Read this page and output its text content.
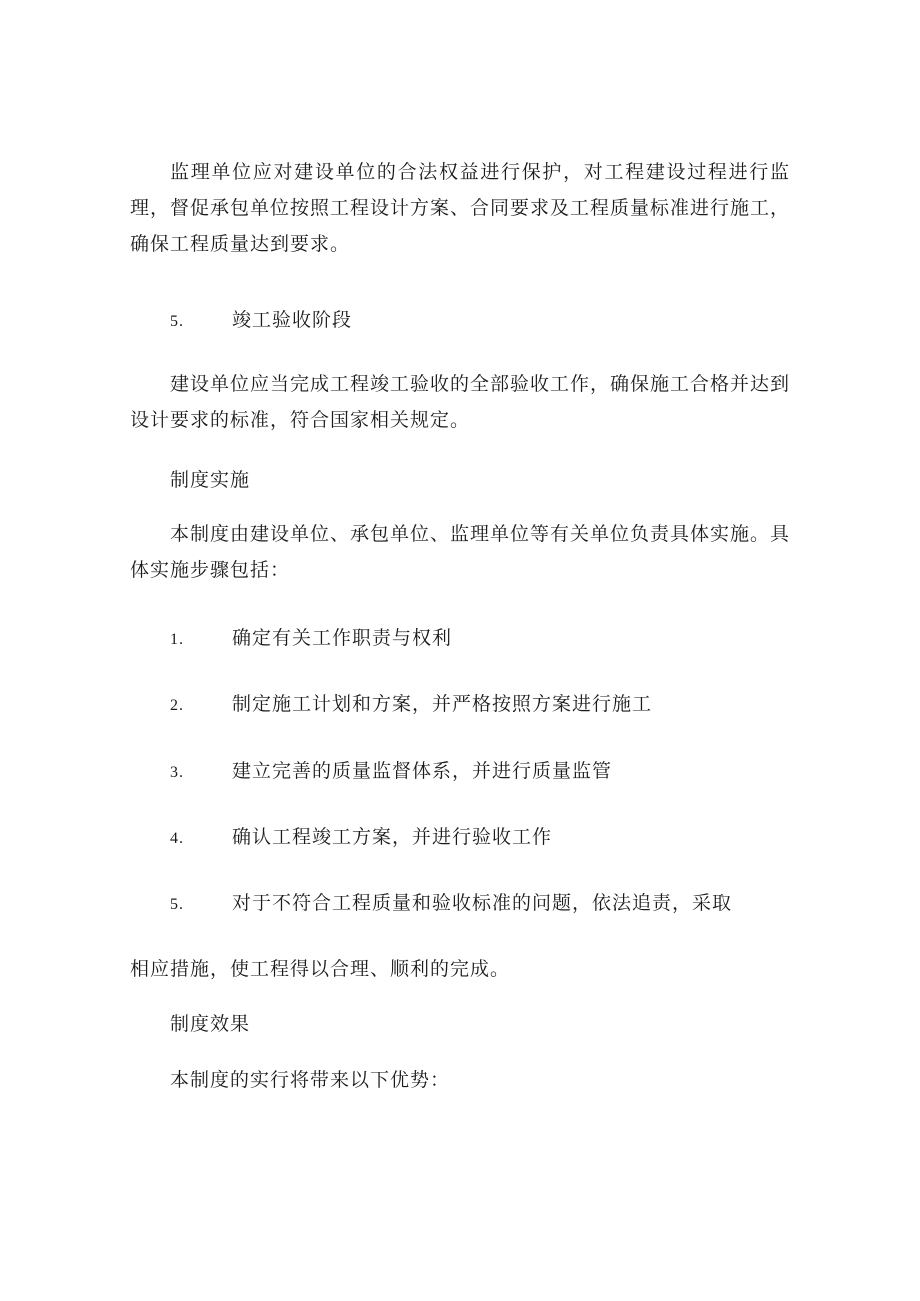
监理单位应对建设单位的合法权益进行保护，对工程建设过程进行监理，督促承包单位按照工程设计方案、合同要求及工程质量标准进行施工，确保工程质量达到要求。

5.	竣工验收阶段

建设单位应当完成工程竣工验收的全部验收工作，确保施工合格并达到设计要求的标准，符合国家相关规定。

制度实施

本制度由建设单位、承包单位、监理单位等有关单位负责具体实施。具体实施步骤包括：

1.	确定有关工作职责与权利
2.	制定施工计划和方案，并严格按照方案进行施工
3.	建立完善的质量监督体系，并进行质量监管
4.	确认工程竣工方案，并进行验收工作
5.	对于不符合工程质量和验收标准的问题，依法追责，采取

相应措施，使工程得以合理、顺利的完成。

制度效果

本制度的实行将带来以下优势：
